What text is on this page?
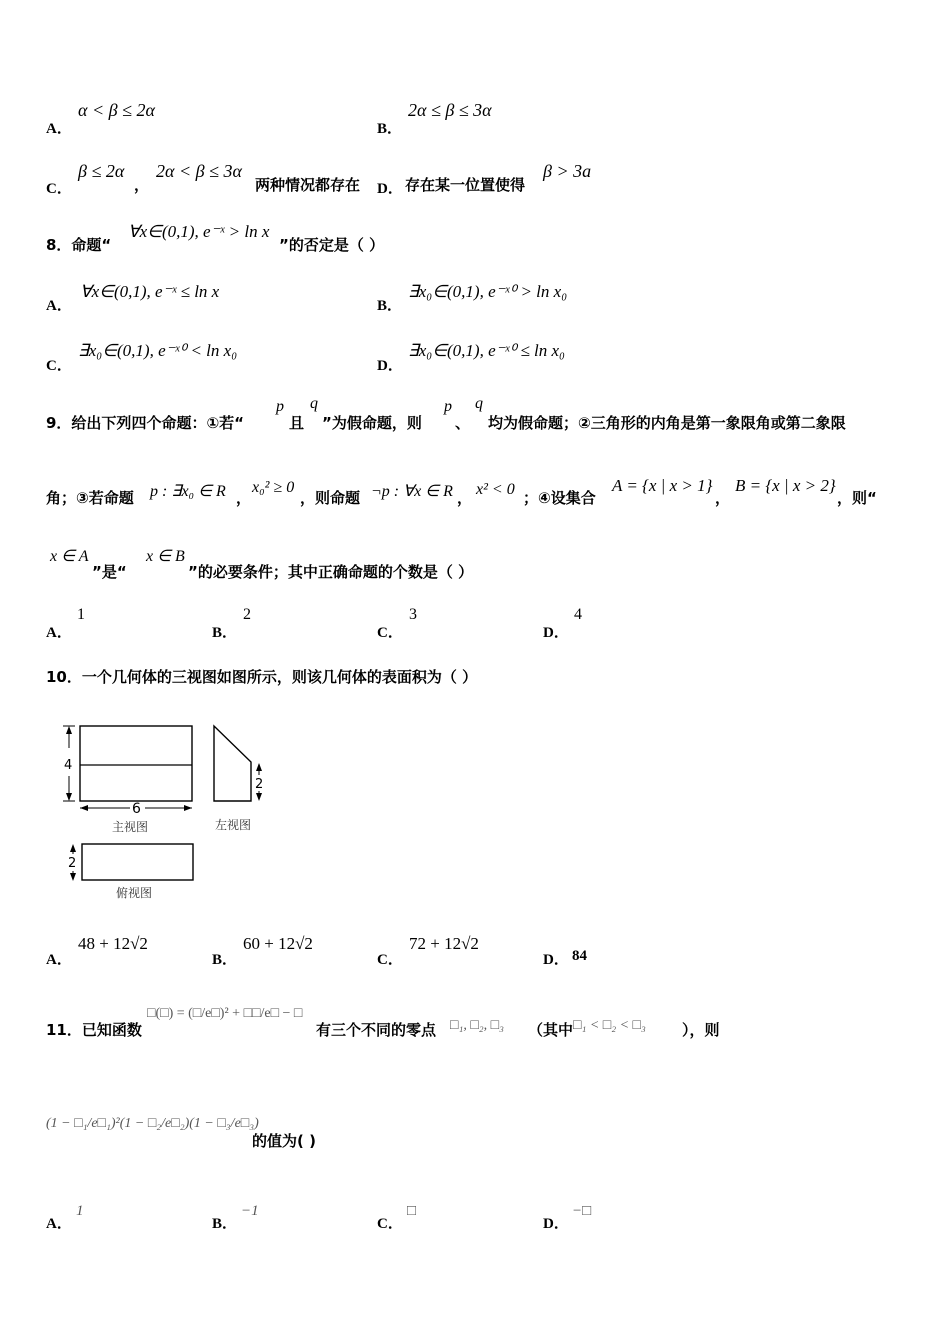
A．
α < β ≤ 2α
B．
2α ≤ β ≤ 3α
C．
β ≤ 2α
，
2α < β ≤ 3α
两种情况都存在 D． 存在某一位置使得
β > 3a
8．命题“
∀x∈(0,1), e⁻ˣ > ln x
”的否定是（ ）
A．
∀x∈(0,1), e⁻ˣ ≤ ln x
B．
∃x₀∈(0,1), e⁻ˣ⁰ > ln x₀
C．
∃x₀∈(0,1), e⁻ˣ⁰ < ln x₀
D．
∃x₀∈(0,1), e⁻ˣ⁰ ≤ ln x₀
9．给出下列四个命题：①若“
p
且
q
”为假命题，则
p
、
q
均为假命题；②三角形的内角是第一象限角或第二象限
角；③若命题 p : ∃x₀ ∈ R ，
x₀² ≥ 0
，则命题 ¬p : ∀x ∈ R ， x² < 0 ；④设集合
A = {x | x > 1}
，
B = {x | x > 2}
，则“
x ∈ A
”是“
x ∈ B
”的必要条件；其中正确命题的个数是（ ）
A．
1
B．
2
C．
3
D．
4
10．一个几何体的三视图如图所示，则该几何体的表面积为（ ）
4
6
主视图
2
左视图
2
俯视图
A．
48 + 12√2
B．
60 + 12√2
C．
72 + 12√2
D． 84
11．已知函数
□(□) = (□/e□)² + □□/e□ − □
有三个不同的零点 □₁, □₂, □₃ （其中 □₁ < □₂ < □₃ ），则
(1 − □₁/e□₁)²(1 − □₂/e□₂)(1 − □₃/e□₃)
的值为( )
A．
1
B．
−1
C．
□
D．
−□
